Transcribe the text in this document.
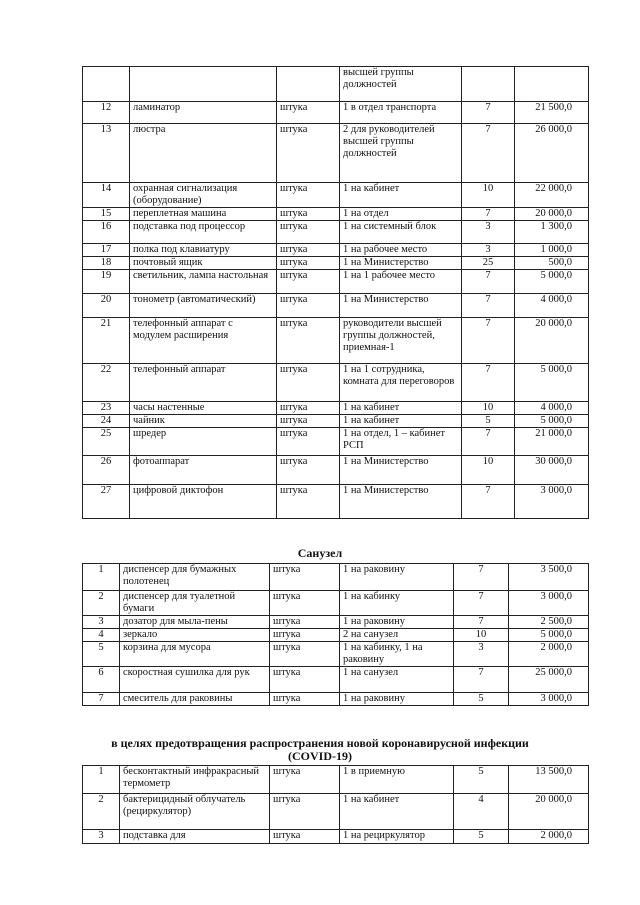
			высшей группы должностей		
12	ламинатор	штука	1 в отдел транспорта	7	21 500,0
13	люстра	штука	2 для руководителей высшей группы должностей	7	26 000,0
14	охранная сигнализация (оборудование)	штука	1 на кабинет	10	22 000,0
15	переплетная машина	штука	1 на отдел	7	20 000,0
16	подставка под процессор	штука	1 на системный блок	3	1 300,0
17	полка под клавиатуру	штука	1 на рабочее место	3	1 000,0
18	почтовый ящик	штука	1 на Министерство	25	500,0
19	светильник, лампа настольная	штука	1 на 1 рабочее место	7	5 000,0
20	тонометр (автоматический)	штука	1 на Министерство	7	4 000,0
21	телефонный аппарат с модулем расширения	штука	руководители высшей группы должностей, приемная-1	7	20 000,0
22	телефонный аппарат	штука	1 на 1 сотрудника, комната для переговоров	7	5 000,0
23	часы настенные	штука	1 на кабинет	10	4 000,0
24	чайник	штука	1 на кабинет	5	5 000,0
25	шредер	штука	1 на отдел, 1 – кабинет РСП	7	21 000,0
26	фотоаппарат	штука	1 на Министерство	10	30 000,0
27	цифровой диктофон	штука	1 на Министерство	7	3 000,0
Санузел
1	диспенсер для бумажных полотенец	штука	1 на раковину	7	3 500,0
2	диспенсер для туалетной бумаги	штука	1 на кабинку	7	3 000,0
3	дозатор для мыла-пены	штука	1 на раковину	7	2 500,0
4	зеркало	штука	2 на санузел	10	5 000,0
5	корзина для мусора	штука	1 на кабинку, 1 на раковину	3	2 000,0
6	скоростная сушилка для рук	штука	1 на санузел	7	25 000,0
7	смеситель для раковины	штука	1 на раковину	5	3 000,0
в целях предотвращения распространения новой коронавирусной инфекции
(COVID-19)
1	бесконтактный инфракрасный термометр	штука	1 в приемную	5	13 500,0
2	бактерицидный облучатель (рециркулятор)	штука	1 на кабинет	4	20 000,0
3	подставка для	штука	1 на рециркулятор	5	2 000,0
